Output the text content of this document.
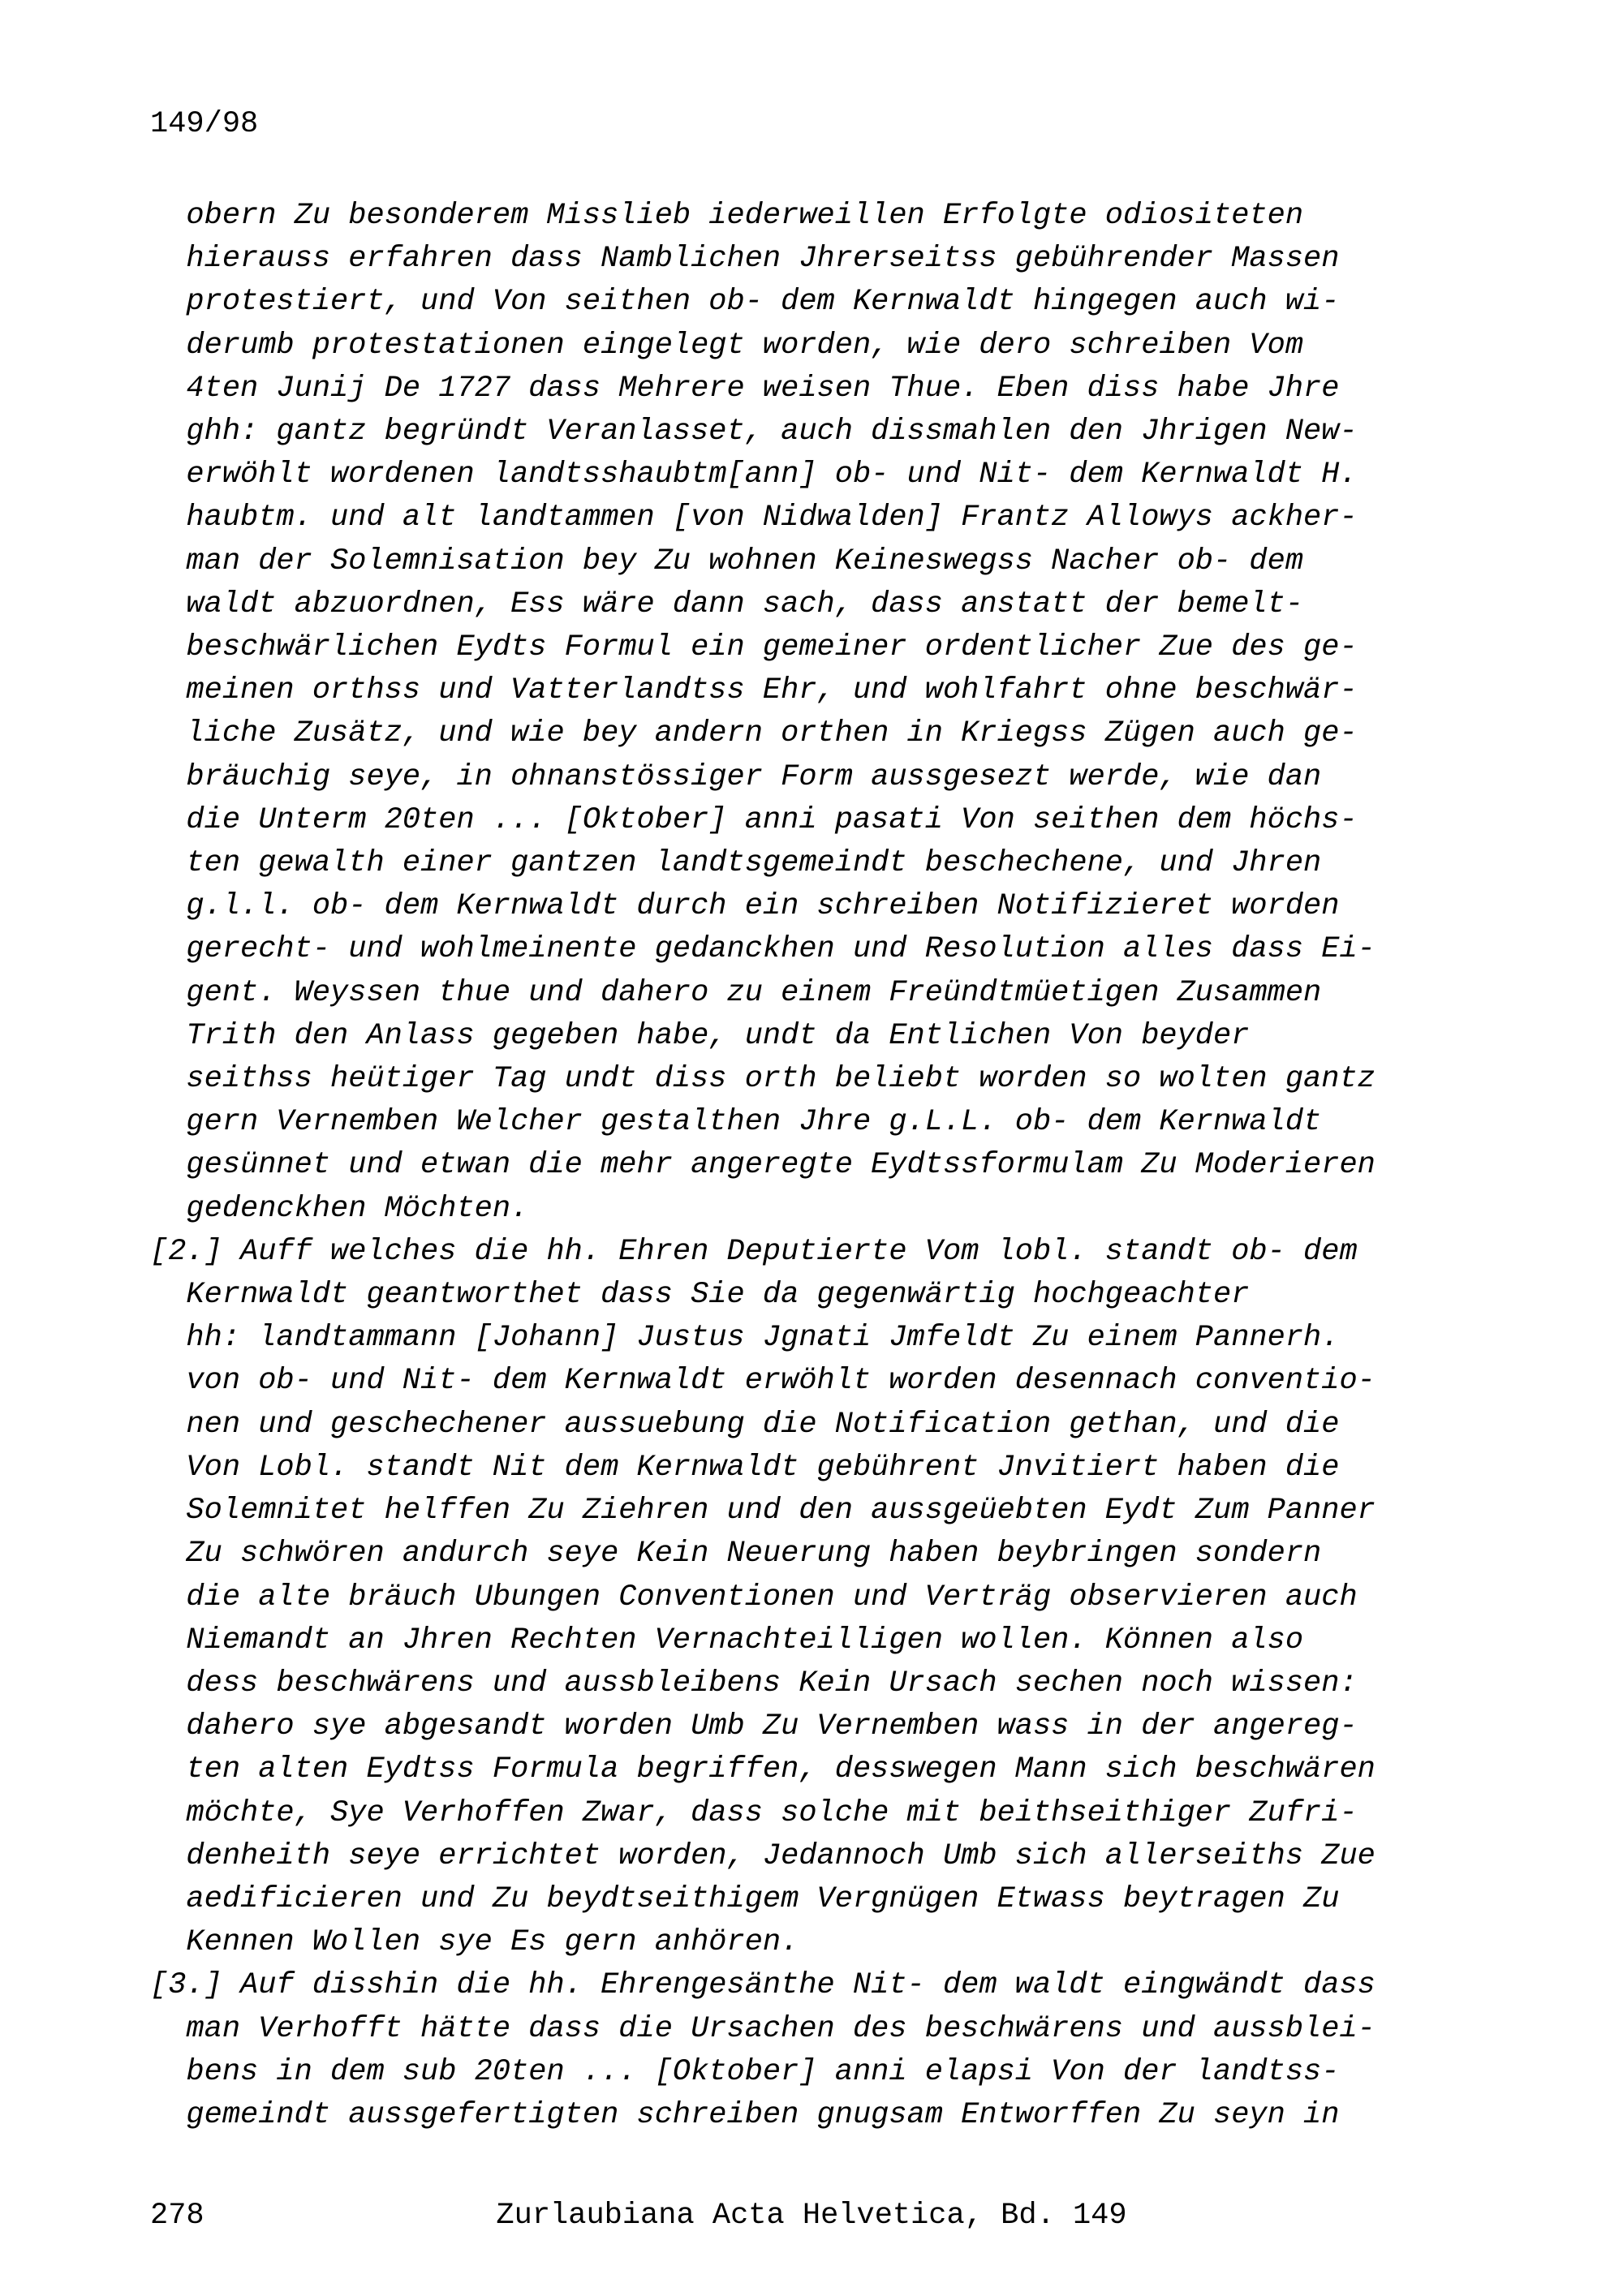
149/98
obern Zu besonderem Misslieb iederweillen Erfolgte odiositeten
hierauss erfahren dass Namblichen Jhrerseitss gebührender Massen
protestiert, und Von seithen ob- dem Kernwaldt hingegen auch wi-
derumb protestationen eingelegt worden, wie dero schreiben Vom
4ten Junij De 1727 dass Mehrere weisen Thue. Eben diss habe Jhre
ghh: gantz begründt Veranlasset, auch dissmahlen den Jhrigen New-
erwöhlt wordenen landtsshaubtm[ann] ob- und Nit- dem Kernwaldt H.
haubtm. und alt landtammen [von Nidwalden] Frantz Allowys ackher-
man der Solemnisation bey Zu wohnen Keineswegss Nacher ob- dem
waldt abzuordnen, Ess wäre dann sach, dass anstatt der bemelt-
beschwärlichen Eydts Formul ein gemeiner ordentlicher Zue des ge-
meinen orthss und Vatterlandtss Ehr, und wohlfahrt ohne beschwär-
liche Zusätz, und wie bey andern orthen in Kriegss Zügen auch ge-
bräuchig seye, in ohnanstössiger Form aussgesezt werde, wie dan
die Unterm 20ten ... [Oktober] anni pasati Von seithen dem höchs-
ten gewalth einer gantzen landtsgemeindt beschechene, und Jhren
g.l.l. ob- dem Kernwaldt durch ein schreiben Notifizieret worden
gerecht- und wohlmeinente gedanckhen und Resolution alles dass Ei-
gent. Weyssen thue und dahero zu einem Freündtmüetigen Zusammen
Trith den Anlass gegeben habe, undt da Entlichen Von beyder
seithss heütiger Tag undt diss orth beliebt worden so wolten gantz
gern Vernemben Welcher gestalthen Jhre g.L.L. ob- dem Kernwaldt
gesünnet und etwan die mehr angeregte Eydtssformulam Zu Moderieren
gedenckhen Möchten.
[2.] Auff welches die hh. Ehren Deputierte Vom lobl. standt ob- dem
Kernwaldt geantworthet dass Sie da gegenwärtig hochgeachter
hh: landtammann [Johann] Justus Jgnati Jmfeldt Zu einem Pannerh.
von ob- und Nit- dem Kernwaldt erwöhlt worden desennach conventio-
nen und geschechener aussuebung die Notification gethan, und die
Von Lobl. standt Nit dem Kernwaldt gebührent Jnvitiert haben die
Solemnitet helffen Zu Ziehren und den aussgeüebten Eydt Zum Panner
Zu schwören andurch seye Kein Neuerung haben beybringen sondern
die alte bräuch Ubungen Conventionen und Verträg observieren auch
Niemandt an Jhren Rechten Vernachteilligen wollen. Können also
dess beschwärens und aussbleibens Kein Ursach sechen noch wissen:
dahero sye abgesandt worden Umb Zu Vernemben wass in der angereg-
ten alten Eydtss Formula begriffen, desswegen Mann sich beschwären
möchte, Sye Verhoffen Zwar, dass solche mit beithseithiger Zufri-
denheith seye errichtet worden, Jedannoch Umb sich allerseiths Zue
aedificieren und Zu beydtseithigem Vergnügen Etwass beytragen Zu
Kennen Wollen sye Es gern anhören.
[3.] Auf disshin die hh. Ehrengesänthe Nit- dem waldt eingwändt dass
man Verhofft hätte dass die Ursachen des beschwärens und aussblei-
bens in dem sub 20ten ... [Oktober] anni elapsi Von der landtss-
gemeindt aussgefertigten schreiben gnugsam Entworffen Zu seyn in
278	Zurlaubiana Acta Helvetica, Bd. 149
